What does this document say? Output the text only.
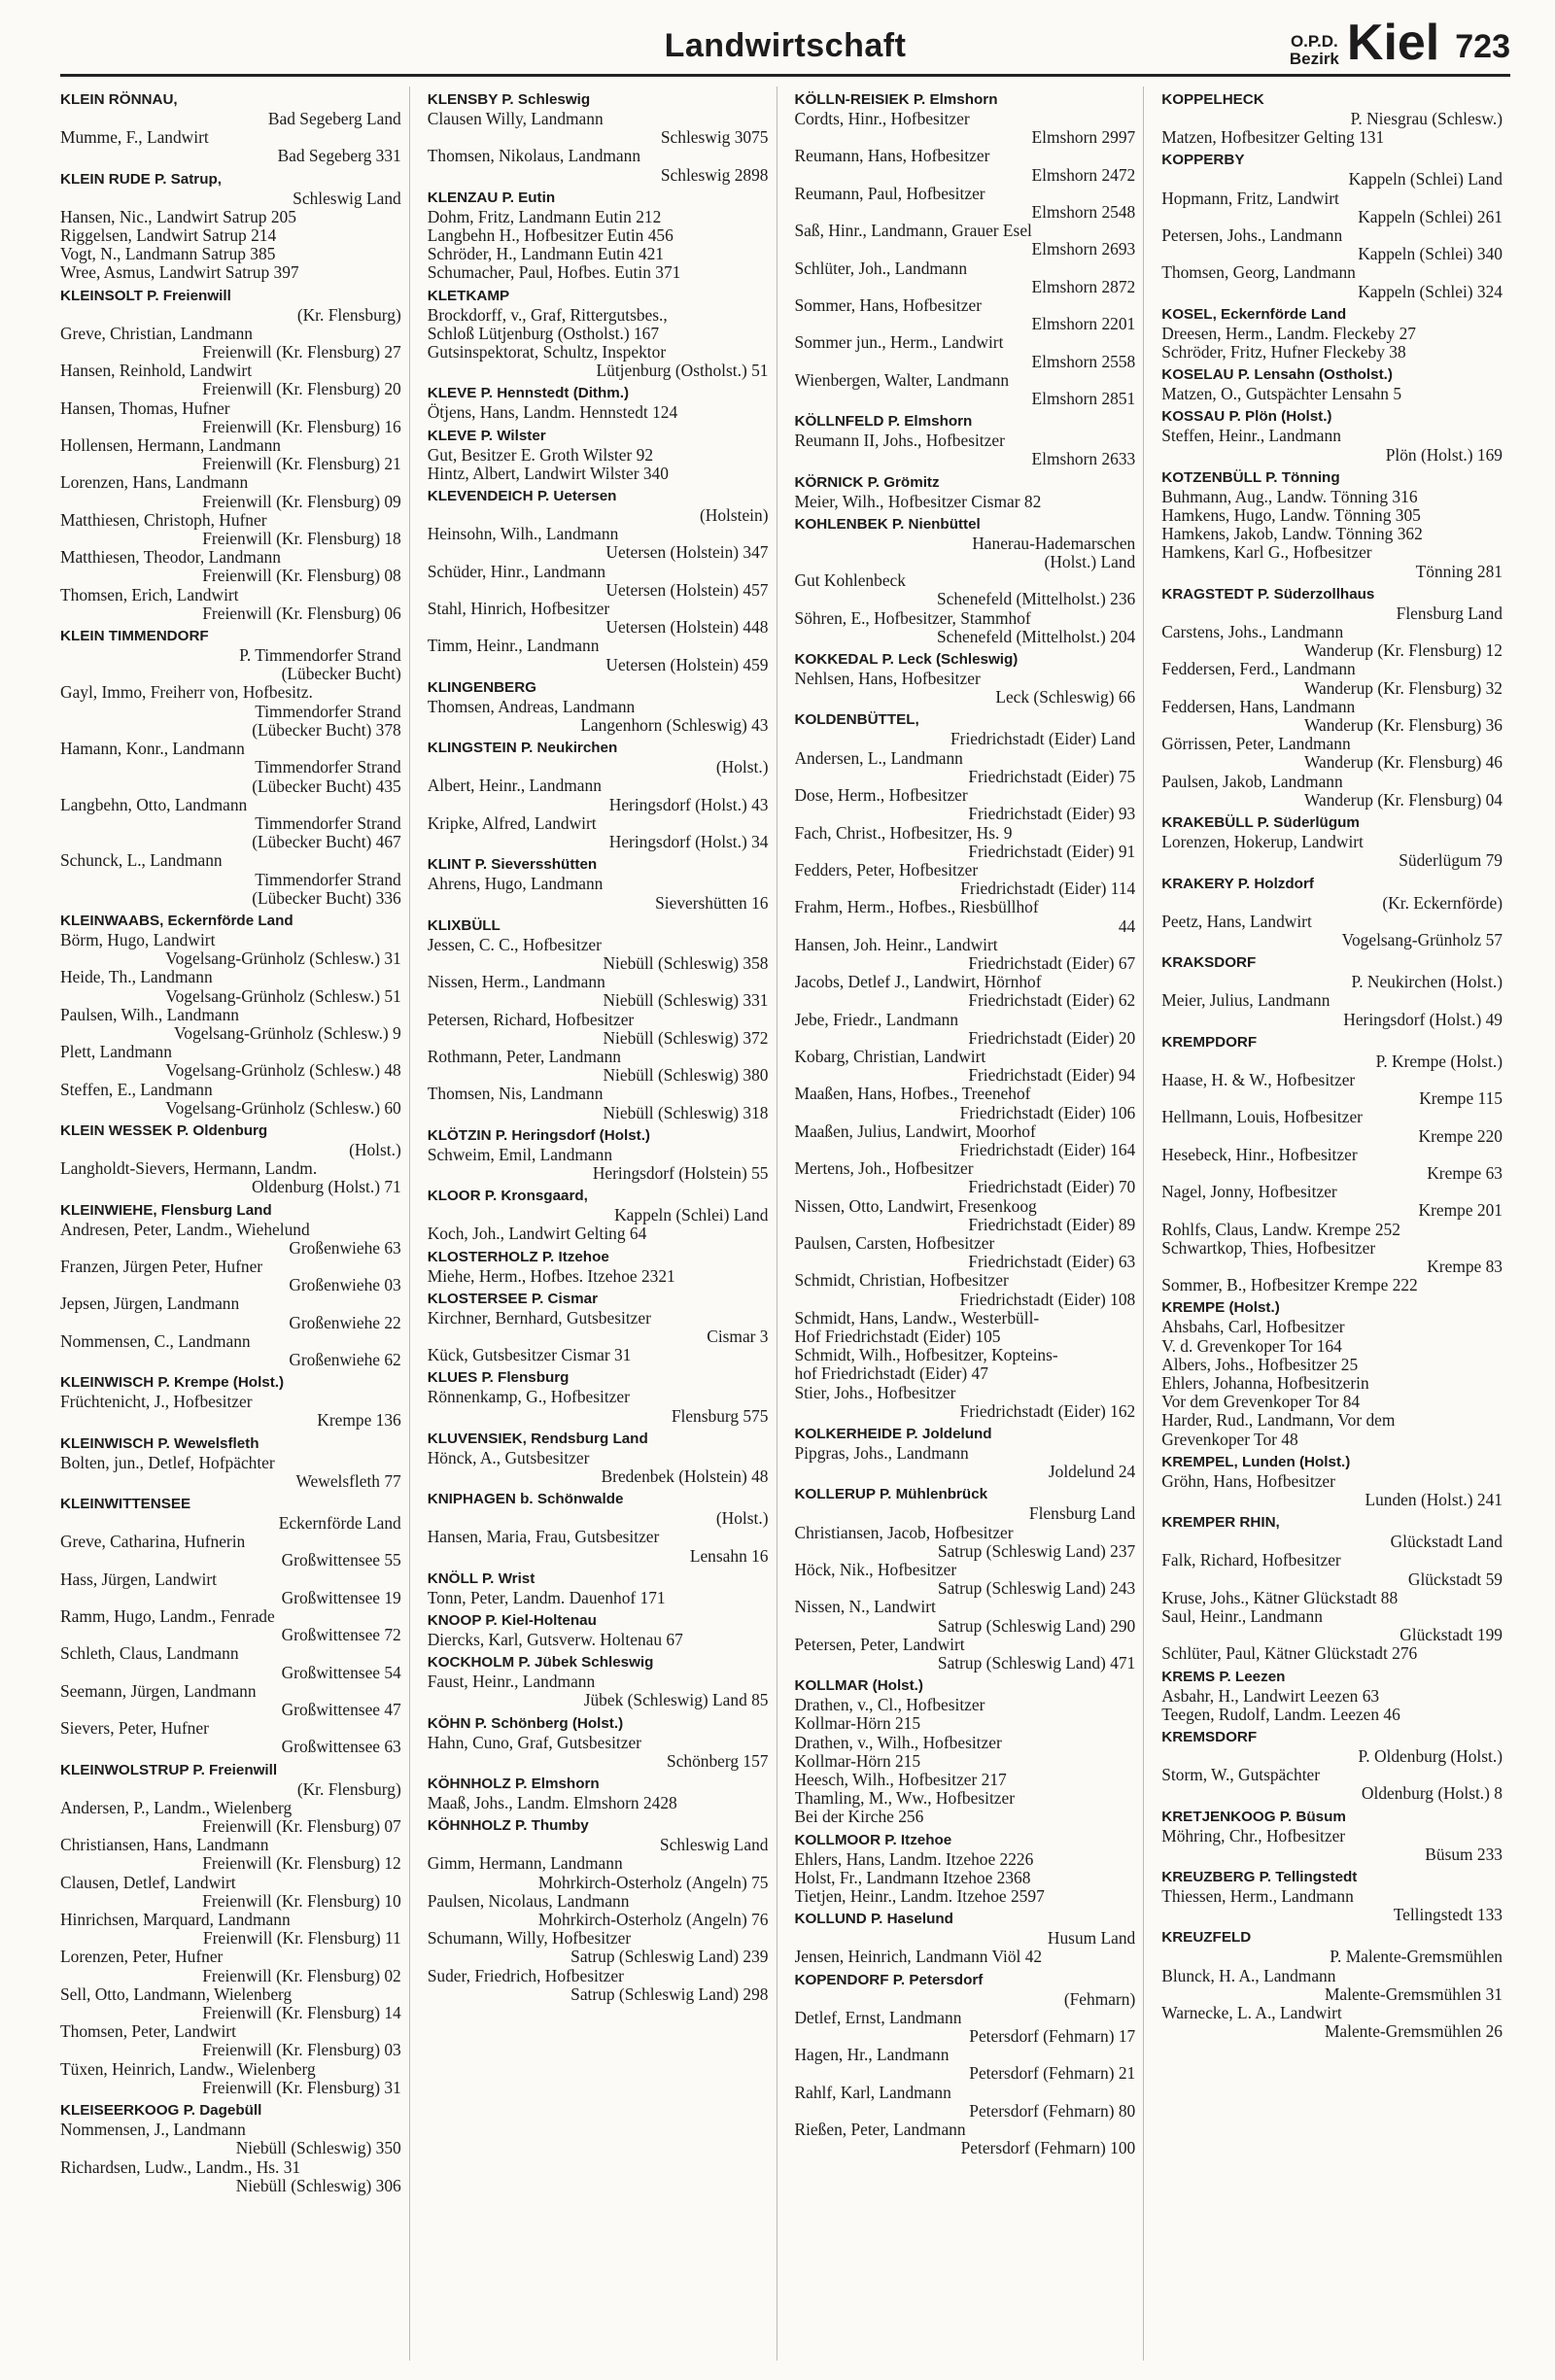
Landwirtschaft	O.P.D.
Bezirk Kiel 723
KLEIN RÖNNAU,
Bad Segeberg Land
Mumme, F., Landwirt
Bad Segeberg 331
KLEIN RUDE P. Satrup,
Schleswig Land
Hansen, Nic., Landwirt Satrup 205
Riggelsen, Landwirt Satrup 214
Vogt, N., Landmann Satrup 385
Wree, Asmus, Landwirt Satrup 397
KLEINSOLT P. Freienwill
(Kr. Flensburg)
Greve, Christian, Landmann
Freienwill (Kr. Flensburg) 27
Hansen, Reinhold, Landwirt
Freienwill (Kr. Flensburg) 20
Hansen, Thomas, Hufner
Freienwill (Kr. Flensburg) 16
Hollensen, Hermann, Landmann
Freienwill (Kr. Flensburg) 21
Lorenzen, Hans, Landmann
Freienwill (Kr. Flensburg) 09
Matthiesen, Christoph, Hufner
Freienwill (Kr. Flensburg) 18
Matthiesen, Theodor, Landmann
Freienwill (Kr. Flensburg) 08
Thomsen, Erich, Landwirt
Freienwill (Kr. Flensburg) 06
KLEIN TIMMENDORF
P. Timmendorfer Strand
(Lübecker Bucht)
Gayl, Immo, Freiherr von, Hofbesitz.
Timmendorfer Strand
(Lübecker Bucht) 378
Hamann, Konr., Landmann
Timmendorfer Strand
(Lübecker Bucht) 435
Langbehn, Otto, Landmann
Timmendorfer Strand
(Lübecker Bucht) 467
Schunck, L., Landmann
Timmendorfer Strand
(Lübecker Bucht) 336
KLEINWAABS, Eckernförde Land
Börm, Hugo, Landwirt
Vogelsang-Grünholz (Schlesw.) 31
Heide, Th., Landmann
Vogelsang-Grünholz (Schlesw.) 51
Paulsen, Wilh., Landmann
Vogelsang-Grünholz (Schlesw.) 9
Plett, Landmann
Vogelsang-Grünholz (Schlesw.) 48
Steffen, E., Landmann
Vogelsang-Grünholz (Schlesw.) 60
KLEIN WESSEK P. Oldenburg
(Holst.)
Langholdt-Sievers, Hermann, Landm.
Oldenburg (Holst.) 71
KLEINWIEHE, Flensburg Land
Andresen, Peter, Landm., Wiehelund
Großenwiehe 63
Franzen, Jürgen Peter, Hufner
Großenwiehe 03
Jepsen, Jürgen, Landmann
Großenwiehe 22
Nommensen, C., Landmann
Großenwiehe 62
KLEINWISCH P. Krempe (Holst.)
Früchtenicht, J., Hofbesitzer
Krempe 136
KLEINWISCH P. Wewelsfleth
Bolten, jun., Detlef, Hofpächter
Wewelsfleth 77
KLEINWITTENSEE
Eckernförde Land
Greve, Catharina, Hufnerin
Großwittensee 55
Hass, Jürgen, Landwirt
Großwittensee 19
Ramm, Hugo, Landm., Fenrade
Großwittensee 72
Schleth, Claus, Landmann
Großwittensee 54
Seemann, Jürgen, Landmann
Großwittensee 47
Sievers, Peter, Hufner
Großwittensee 63
KLEINWOLSTRUP P. Freienwill
(Kr. Flensburg)
Andersen, P., Landm., Wielenberg
Freienwill (Kr. Flensburg) 07
Christiansen, Hans, Landmann
Freienwill (Kr. Flensburg) 12
Clausen, Detlef, Landwirt
Freienwill (Kr. Flensburg) 10
Hinrichsen, Marquard, Landmann
Freienwill (Kr. Flensburg) 11
Lorenzen, Peter, Hufner
Freienwill (Kr. Flensburg) 02
Sell, Otto, Landmann, Wielenberg
Freienwill (Kr. Flensburg) 14
Thomsen, Peter, Landwirt
Freienwill (Kr. Flensburg) 03
Tüxen, Heinrich, Landw., Wielenberg
Freienwill (Kr. Flensburg) 31
KLEISEERKOOG P. Dagebüll
Nommensen, J., Landmann
Niebüll (Schleswig) 350
Richardsen, Ludw., Landm., Hs. 31
Niebüll (Schleswig) 306
KLENSBY P. Schleswig
Clausen Willy, Landmann
Schleswig 3075
Thomsen, Nikolaus, Landmann
Schleswig 2898
KLENZAU P. Eutin
Dohm, Fritz, Landmann Eutin 212
Langbehn H., Hofbesitzer Eutin 456
Schröder, H., Landmann Eutin 421
Schumacher, Paul, Hofbes. Eutin 371
KLETKAMP
Brockdorff, v., Graf, Rittergutsbes.,
Schloß Lütjenburg (Ostholst.) 167
Gutsinspektorat, Schultz, Inspektor
Lütjenburg (Ostholst.) 51
KLEVE P. Hennstedt (Dithm.)
Ötjens, Hans, Landm. Hennstedt 124
KLEVE P. Wilster
Gut, Besitzer E. Groth Wilster 92
Hintz, Albert, Landwirt Wilster 340
KLEVENDEICH P. Uetersen
(Holstein)
Heinsohn, Wilh., Landmann
Uetersen (Holstein) 347
Schüder, Hinr., Landmann
Uetersen (Holstein) 457
Stahl, Hinrich, Hofbesitzer
Uetersen (Holstein) 448
Timm, Heinr., Landmann
Uetersen (Holstein) 459
KLINGENBERG
Thomsen, Andreas, Landmann
Langenhorn (Schleswig) 43
KLINGSTEIN P. Neukirchen
(Holst.)
Albert, Heinr., Landmann
Heringsdorf (Holst.) 43
Kripke, Alfred, Landwirt
Heringsdorf (Holst.) 34
KLINT P. Sieversshütten
Ahrens, Hugo, Landmann
Sievershütten 16
KLIXBÜLL
Jessen, C. C., Hofbesitzer
Niebüll (Schleswig) 358
Nissen, Herm., Landmann
Niebüll (Schleswig) 331
Petersen, Richard, Hofbesitzer
Niebüll (Schleswig) 372
Rothmann, Peter, Landmann
Niebüll (Schleswig) 380
Thomsen, Nis, Landmann
Niebüll (Schleswig) 318
KLÖTZIN P. Heringsdorf (Holst.)
Schweim, Emil, Landmann
Heringsdorf (Holstein) 55
KLOOR P. Kronsgaard,
Kappeln (Schlei) Land
Koch, Joh., Landwirt Gelting 64
KLOSTERHOLZ P. Itzehoe
Miehe, Herm., Hofbes. Itzehoe 2321
KLOSTERSEE P. Cismar
Kirchner, Bernhard, Gutsbesitzer
Cismar 3
Kück, Gutsbesitzer Cismar 31
KLUES P. Flensburg
Rönnenkamp, G., Hofbesitzer
Flensburg 575
KLUVENSIEK, Rendsburg Land
Hönck, A., Gutsbesitzer
Bredenbek (Holstein) 48
KNIPHAGEN b. Schönwalde
(Holst.)
Hansen, Maria, Frau, Gutsbesitzer
Lensahn 16
KNÖLL P. Wrist
Tonn, Peter, Landm. Dauenhof 171
KNOOP P. Kiel-Holtenau
Diercks, Karl, Gutsverw. Holtenau 67
KOCKHOLM P. Jübek Schleswig
Faust, Heinr., Landmann
Jübek (Schleswig) Land 85
KÖHN P. Schönberg (Holst.)
Hahn, Cuno, Graf, Gutsbesitzer
Schönberg 157
KÖHNHOLZ P. Elmshorn
Maaß, Johs., Landm. Elmshorn 2428
KÖHNHOLZ P. Thumby
Schleswig Land
Gimm, Hermann, Landmann
Mohrkirch-Osterholz (Angeln) 75
Paulsen, Nicolaus, Landmann
Mohrkirch-Osterholz (Angeln) 76
Schumann, Willy, Hofbesitzer
Satrup (Schleswig Land) 239
Suder, Friedrich, Hofbesitzer
Satrup (Schleswig Land) 298
KÖLLN-REISIEK P. Elmshorn
Cordts, Hinr., Hofbesitzer
Elmshorn 2997
Reumann, Hans, Hofbesitzer
Elmshorn 2472
Reumann, Paul, Hofbesitzer
Elmshorn 2548
Saß, Hinr., Landmann, Grauer Esel
Elmshorn 2693
Schlüter, Joh., Landmann
Elmshorn 2872
Sommer, Hans, Hofbesitzer
Elmshorn 2201
Sommer jun., Herm., Landwirt
Elmshorn 2558
Wienbergen, Walter, Landmann
Elmshorn 2851
KÖLLNFELD P. Elmshorn
Reumann II, Johs., Hofbesitzer
Elmshorn 2633
KÖRNICK P. Grömitz
Meier, Wilh., Hofbesitzer Cismar 82
KOHLENBEK P. Nienbüttel
Hanerau-Hademarschen
(Holst.) Land
Gut Kohlenbeck
Schenefeld (Mittelholst.) 236
Söhren, E., Hofbesitzer, Stammhof
Schenefeld (Mittelholst.) 204
KOKKEDAL P. Leck (Schleswig)
Nehlsen, Hans, Hofbesitzer
Leck (Schleswig) 66
KOLDENBÜTTEL,
Friedrichstadt (Eider) Land
Andersen, L., Landmann
Friedrichstadt (Eider) 75
Dose, Herm., Hofbesitzer
Friedrichstadt (Eider) 93
Fach, Christ., Hofbesitzer, Hs. 9
Friedrichstadt (Eider) 91
Fedders, Peter, Hofbesitzer
Friedrichstadt (Eider) 114
Frahm, Herm., Hofbes., Riesbüllhof
44
Hansen, Joh. Heinr., Landwirt
Friedrichstadt (Eider) 67
Jacobs, Detlef J., Landwirt, Hörnhof
Friedrichstadt (Eider) 62
Jebe, Friedr., Landmann
Friedrichstadt (Eider) 20
Kobarg, Christian, Landwirt
Friedrichstadt (Eider) 94
Maaßen, Hans, Hofbes., Treenehof
Friedrichstadt (Eider) 106
Maaßen, Julius, Landwirt, Moorhof
Friedrichstadt (Eider) 164
Mertens, Joh., Hofbesitzer
Friedrichstadt (Eider) 70
Nissen, Otto, Landwirt, Fresenkoog
Friedrichstadt (Eider) 89
Paulsen, Carsten, Hofbesitzer
Friedrichstadt (Eider) 63
Schmidt, Christian, Hofbesitzer
Friedrichstadt (Eider) 108
Schmidt, Hans, Landw., Westerbüll-
Hof Friedrichstadt (Eider) 105
Schmidt, Wilh., Hofbesitzer, Kopteins-
hof Friedrichstadt (Eider) 47
Stier, Johs., Hofbesitzer
Friedrichstadt (Eider) 162
KOLKERHEIDE P. Joldelund
Pipgras, Johs., Landmann
Joldelund 24
KOLLERUP P. Mühlenbrück
Flensburg Land
Christiansen, Jacob, Hofbesitzer
Satrup (Schleswig Land) 237
Höck, Nik., Hofbesitzer
Satrup (Schleswig Land) 243
Nissen, N., Landwirt
Satrup (Schleswig Land) 290
Petersen, Peter, Landwirt
Satrup (Schleswig Land) 471
KOLLMAR (Holst.)
Drathen, v., Cl., Hofbesitzer
Kollmar-Hörn 215
Drathen, v., Wilh., Hofbesitzer
Kollmar-Hörn 215
Heesch, Wilh., Hofbesitzer 217
Thamling, M., Ww., Hofbesitzer
Bei der Kirche 256
KOLLMOOR P. Itzehoe
Ehlers, Hans, Landm. Itzehoe 2226
Holst, Fr., Landmann Itzehoe 2368
Tietjen, Heinr., Landm. Itzehoe 2597
KOLLUND P. Haselund
Husum Land
Jensen, Heinrich, Landmann Viöl 42
KOPENDORF P. Petersdorf
(Fehmarn)
Detlef, Ernst, Landmann
Petersdorf (Fehmarn) 17
Hagen, Hr., Landmann
Petersdorf (Fehmarn) 21
Rahlf, Karl, Landmann
Petersdorf (Fehmarn) 80
Rießen, Peter, Landmann
Petersdorf (Fehmarn) 100
KOPPELHECK
P. Niesgrau (Schlesw.)
Matzen, Hofbesitzer Gelting 131
KOPPERBY
Kappeln (Schlei) Land
Hopmann, Fritz, Landwirt
Kappeln (Schlei) 261
Petersen, Johs., Landmann
Kappeln (Schlei) 340
Thomsen, Georg, Landmann
Kappeln (Schlei) 324
KOSEL, Eckernförde Land
Dreesen, Herm., Landm. Fleckeby 27
Schröder, Fritz, Hufner Fleckeby 38
KOSELAU P. Lensahn (Ostholst.)
Matzen, O., Gutspächter Lensahn 5
KOSSAU P. Plön (Holst.)
Steffen, Heinr., Landmann
Plön (Holst.) 169
KOTZENBÜLL P. Tönning
Buhmann, Aug., Landw. Tönning 316
Hamkens, Hugo, Landw. Tönning 305
Hamkens, Jakob, Landw. Tönning 362
Hamkens, Karl G., Hofbesitzer
Tönning 281
KRAGSTEDT P. Süderzollhaus
Flensburg Land
Carstens, Johs., Landmann
Wanderup (Kr. Flensburg) 12
Feddersen, Ferd., Landmann
Wanderup (Kr. Flensburg) 32
Feddersen, Hans, Landmann
Wanderup (Kr. Flensburg) 36
Görrissen, Peter, Landmann
Wanderup (Kr. Flensburg) 46
Paulsen, Jakob, Landmann
Wanderup (Kr. Flensburg) 04
KRAKEBÜLL P. Süderlügum
Lorenzen, Hokerup, Landwirt
Süderlügum 79
KRAKERY P. Holzdorf
(Kr. Eckernförde)
Peetz, Hans, Landwirt
Vogelsang-Grünholz 57
KRAKSDORF
P. Neukirchen (Holst.)
Meier, Julius, Landmann
Heringsdorf (Holst.) 49
KREMPDORF
P. Krempe (Holst.)
Haase, H. & W., Hofbesitzer
Krempe 115
Hellmann, Louis, Hofbesitzer
Krempe 220
Hesebeck, Hinr., Hofbesitzer
Krempe 63
Nagel, Jonny, Hofbesitzer
Krempe 201
Rohlfs, Claus, Landw. Krempe 252
Schwartkop, Thies, Hofbesitzer
Krempe 83
Sommer, B., Hofbesitzer Krempe 222
KREMPE (Holst.)
Ahsbahs, Carl, Hofbesitzer
V. d. Grevenkoper Tor 164
Albers, Johs., Hofbesitzer 25
Ehlers, Johanna, Hofbesitzerin
Vor dem Grevenkoper Tor 84
Harder, Rud., Landmann, Vor dem
Grevenkoper Tor 48
KREMPEL, Lunden (Holst.)
Gröhn, Hans, Hofbesitzer
Lunden (Holst.) 241
KREMPER RHIN,
Glückstadt Land
Falk, Richard, Hofbesitzer
Glückstadt 59
Kruse, Johs., Kätner Glückstadt 88
Saul, Heinr., Landmann
Glückstadt 199
Schlüter, Paul, Kätner Glückstadt 276
KREMS P. Leezen
Asbahr, H., Landwirt Leezen 63
Teegen, Rudolf, Landm. Leezen 46
KREMSDORF
P. Oldenburg (Holst.)
Storm, W., Gutspächter
Oldenburg (Holst.) 8
KRETJENKOOG P. Büsum
Möhring, Chr., Hofbesitzer
Büsum 233
KREUZBERG P. Tellingstedt
Thiessen, Herm., Landmann
Tellingstedt 133
KREUZFELD
P. Malente-Gremsmühlen
Blunck, H. A., Landmann
Malente-Gremsmühlen 31
Warnecke, L. A., Landwirt
Malente-Gremsmühlen 26
